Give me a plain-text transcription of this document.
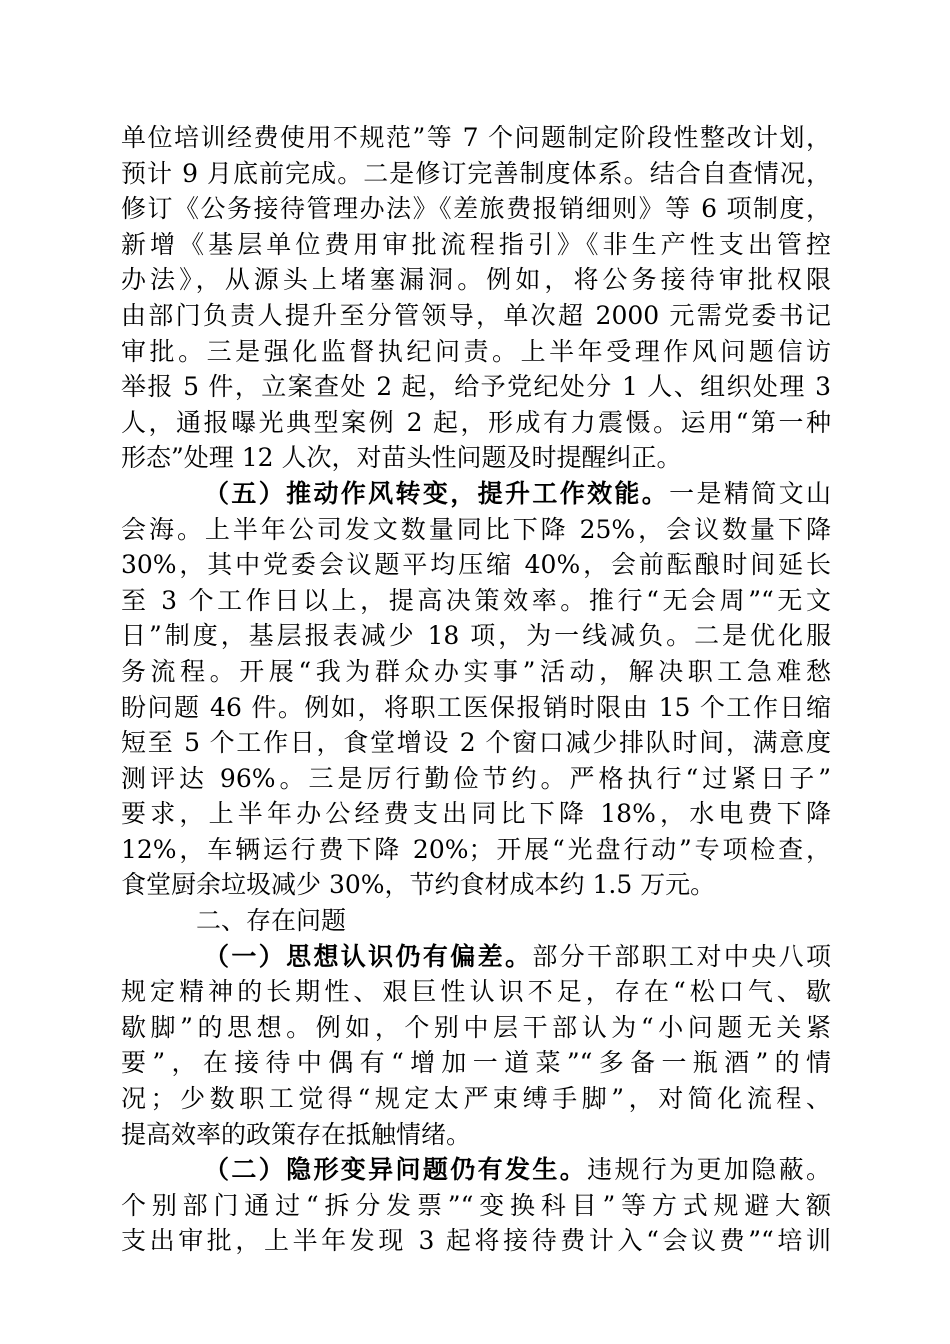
单位培训经费使用不规范”等 7 个问题制定阶段性整改计划，
预计 9 月底前完成。二是修订完善制度体系。结合自查情况，
修订《公务接待管理办法》《差旅费报销细则》等 6 项制度，
新增《基层单位费用审批流程指引》《非生产性支出管控
办法》，从源头上堵塞漏洞。例如，将公务接待审批权限
由部门负责人提升至分管领导，单次超 2000 元需党委书记
审批。三是强化监督执纪问责。上半年受理作风问题信访
举报 5 件，立案查处 2 起，给予党纪处分 1 人、组织处理 3
人，通报曝光典型案例 2 起，形成有力震慑。运用“第一种
形态”处理 12 人次，对苗头性问题及时提醒纠正。
（五）推动作风转变，提升工作效能。一是精简文山
会海。上半年公司发文数量同比下降 25%，会议数量下降
30%，其中党委会议题平均压缩 40%，会前酝酿时间延长
至 3 个工作日以上，提高决策效率。推行“无会周”“无文
日”制度，基层报表减少 18 项，为一线减负。二是优化服
务流程。开展“我为群众办实事”活动，解决职工急难愁
盼问题 46 件。例如，将职工医保报销时限由 15 个工作日缩
短至 5 个工作日，食堂增设 2 个窗口减少排队时间，满意度
测评达 96%。三是厉行勤俭节约。严格执行“过紧日子”
要求，上半年办公经费支出同比下降 18%，水电费下降
12%，车辆运行费下降 20%；开展“光盘行动”专项检查，
食堂厨余垃圾减少 30%，节约食材成本约 1.5 万元。
二、存在问题
（一）思想认识仍有偏差。部分干部职工对中央八项
规定精神的长期性、艰巨性认识不足，存在“松口气、歇
歇脚”的思想。例如，个别中层干部认为“小问题无关紧
要”，在接待中偶有“增加一道菜”“多备一瓶酒”的情
况；少数职工觉得“规定太严束缚手脚”，对简化流程、
提高效率的政策存在抵触情绪。
（二）隐形变异问题仍有发生。违规行为更加隐蔽。
个别部门通过“拆分发票”“变换科目”等方式规避大额
支出审批，上半年发现 3 起将接待费计入“会议费”“培训
